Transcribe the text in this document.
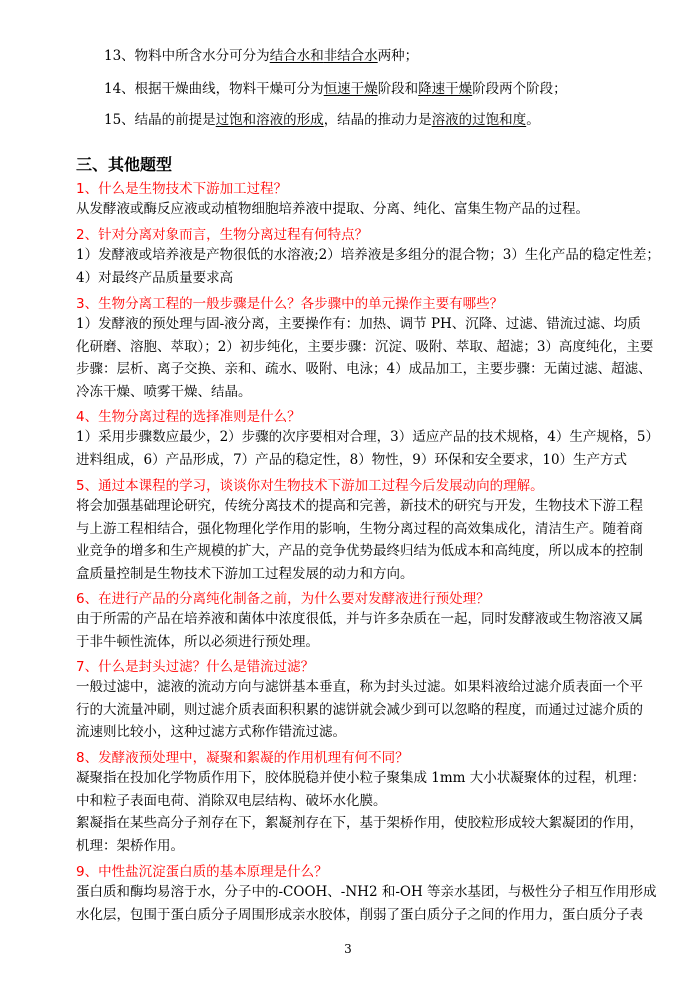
13、物料中所含水分可分为结合水和非结合水两种；
14、根据干燥曲线，物料干燥可分为恒速干燥阶段和降速干燥阶段两个阶段；
15、结晶的前提是过饱和溶液的形成，结晶的推动力是溶液的过饱和度。
三、其他题型
1、什么是生物技术下游加工过程？
从发酵液或酶反应液或动植物细胞培养液中提取、分离、纯化、富集生物产品的过程。
2、针对分离对象而言，生物分离过程有何特点？
1）发酵液或培养液是产物很低的水溶液;2）培养液是多组分的混合物；3）生化产品的稳定性差；
4）对最终产品质量要求高
3、生物分离工程的一般步骤是什么？各步骤中的单元操作主要有哪些？
1）发酵液的预处理与固-液分离，主要操作有：加热、调节 PH、沉降、过滤、错流过滤、均质
化研磨、溶胞、萃取）；2）初步纯化，主要步骤：沉淀、吸附、萃取、超滤；3）高度纯化，主要
步骤：层析、离子交换、亲和、疏水、吸附、电泳；4）成品加工，主要步骤：无菌过滤、超滤、
冷冻干燥、喷雾干燥、结晶。
4、生物分离过程的选择准则是什么？
1）采用步骤数应最少，2）步骤的次序要相对合理，3）适应产品的技术规格，4）生产规格，5）
进料组成，6）产品形成，7）产品的稳定性，8）物性，9）环保和安全要求，10）生产方式
5、通过本课程的学习，谈谈你对生物技术下游加工过程今后发展动向的理解。
将会加强基础理论研究，传统分离技术的提高和完善，新技术的研究与开发，生物技术下游工程
与上游工程相结合，强化物理化学作用的影响，生物分离过程的高效集成化，清洁生产。随着商
业竞争的增多和生产规模的扩大，产品的竞争优势最终归结为低成本和高纯度，所以成本的控制
盒质量控制是生物技术下游加工过程发展的动力和方向。
6、在进行产品的分离纯化制备之前，为什么要对发酵液进行预处理？
由于所需的产品在培养液和菌体中浓度很低，并与许多杂质在一起，同时发酵液或生物溶液又属
于非牛顿性流体，所以必须进行预处理。
7、什么是封头过滤？什么是错流过滤？
一般过滤中，滤液的流动方向与滤饼基本垂直，称为封头过滤。如果料液给过滤介质表面一个平
行的大流量冲刷，则过滤介质表面积积累的滤饼就会减少到可以忽略的程度，而通过过滤介质的
流速则比较小，这种过滤方式称作错流过滤。
8、发酵液预处理中，凝聚和絮凝的作用机理有何不同？
凝聚指在投加化学物质作用下，胶体脱稳并使小粒子聚集成 1mm 大小状凝聚体的过程，机理：
中和粒子表面电荷、消除双电层结构、破坏水化膜。
絮凝指在某些高分子剂存在下，絮凝剂存在下，基于架桥作用，使胶粒形成较大絮凝团的作用，
机理：架桥作用。
9、中性盐沉淀蛋白质的基本原理是什么？
蛋白质和酶均易溶于水，分子中的-COOH、-NH2 和-OH 等亲水基团，与极性分子相互作用形成
水化层，包围于蛋白质分子周围形成亲水胶体，削弱了蛋白质分子之间的作用力，蛋白质分子表
3
